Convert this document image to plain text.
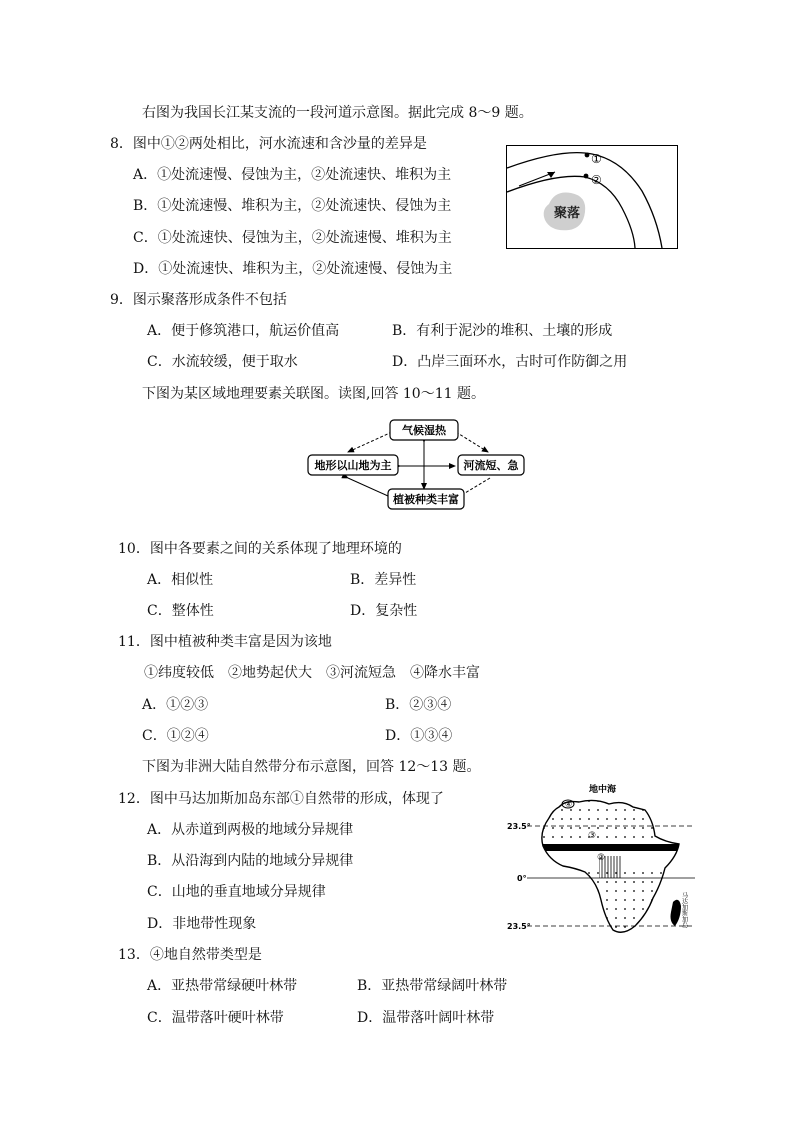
右图为我国长江某支流的一段河道示意图。据此完成 8～9 题。
8．图中①②两处相比，河水流速和含沙量的差异是
A．①处流速慢、侵蚀为主，②处流速快、堆积为主
B．①处流速慢、堆积为主，②处流速快、侵蚀为主
C．①处流速快、侵蚀为主，②处流速慢、堆积为主
D．①处流速快、堆积为主，②处流速慢、侵蚀为主
①
②
聚落
9．图示聚落形成条件不包括
A．便于修筑港口，航运价值高	B．有利于泥沙的堆积、土壤的形成
C．水流较缓，便于取水	D．凸岸三面环水，古时可作防御之用
下图为某区域地理要素关联图。读图,回答 10～11 题。
气候湿热
地形以山地为主	河流短、急
植被种类丰富
10．图中各要素之间的关系体现了地理环境的
A．相似性	B．差异性
C．整体性	D．复杂性
11．图中植被种类丰富是因为该地
①纬度较低　②地势起伏大　③河流短急　④降水丰富
A．①②③	B．②③④
C．①②④	D．①③④
下图为非洲大陆自然带分布示意图，回答 12～13 题。
12．图中马达加斯加岛东部①自然带的形成，体现了
A．从赤道到两极的地域分异规律
B．从沿海到内陆的地域分异规律
C．山地的垂直地域分异规律
D．非地带性现象
地中海
23.5°
0°
23.5°
④
③
②
马达加斯加岛
13．④地自然带类型是
A．亚热带常绿硬叶林带	B．亚热带常绿阔叶林带
C．温带落叶硬叶林带	D．温带落叶阔叶林带
